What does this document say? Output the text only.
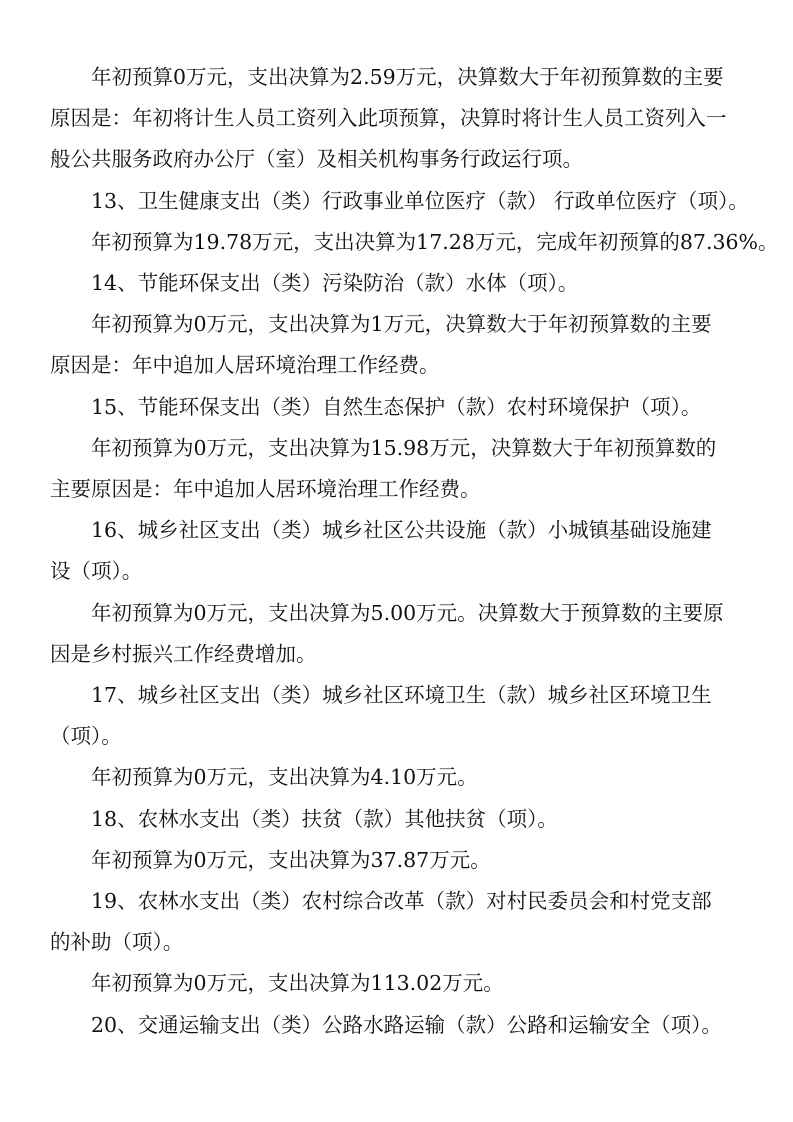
年初预算0万元，支出决算为2.59万元，决算数大于年初预算数的主要
原因是：年初将计生人员工资列入此项预算，决算时将计生人员工资列入一
般公共服务政府办公厅（室）及相关机构事务行政运行项。

13、卫生健康支出（类）行政事业单位医疗（款） 行政单位医疗（项）。

年初预算为19.78万元，支出决算为17.28万元，完成年初预算的87.36%。

14、节能环保支出（类）污染防治（款）水体（项）。

年初预算为0万元，支出决算为1万元，决算数大于年初预算数的主要
原因是：年中追加人居环境治理工作经费。

15、节能环保支出（类）自然生态保护（款）农村环境保护（项）。

年初预算为0万元，支出决算为15.98万元，决算数大于年初预算数的
主要原因是：年中追加人居环境治理工作经费。

16、城乡社区支出（类）城乡社区公共设施（款）小城镇基础设施建
设（项）。

年初预算为0万元，支出决算为5.00万元。决算数大于预算数的主要原
因是乡村振兴工作经费增加。

17、城乡社区支出（类）城乡社区环境卫生（款）城乡社区环境卫生
（项）。

年初预算为0万元，支出决算为4.10万元。

18、农林水支出（类）扶贫（款）其他扶贫（项）。

年初预算为0万元，支出决算为37.87万元。

19、农林水支出（类）农村综合改革（款）对村民委员会和村党支部
的补助（项）。

年初预算为0万元，支出决算为113.02万元。

20、交通运输支出（类）公路水路运输（款）公路和运输安全（项）。
